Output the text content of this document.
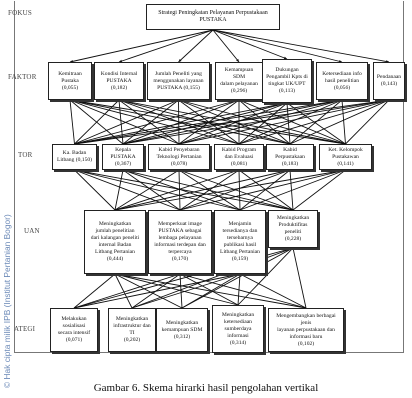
FOKUS
FAKTOR
TOR
UAN
ATEGI
Strategi Peningkatan Pelayanan Perpustakaan
PUSTAKA
Kemitraan
Pustaka
(0,055)
Kondisi Internal
PUSTAKA
(0,182)
Jumlah Peneliti yang
menggunakan layanan
PUSTAKA (0,155)
Kemampuan SDM
dalam pelayanan
(0,296)
Dukungan
Pengambil Kpts di
tingkat UK/UPT
(0,113)
Ketersediaan info
hasil penelitian
(0,056)
Pendanaan
(0,143)
Ka. Badan
Litbang (0,150)
Kepala
PUSTAKA
(0,367)
Kabid Penyebaran
Teknologi Pertanian
(0,078)
Kabid Program
dan Evaluasi
(0,081)
Kabid
Perpustakaan
(0,183)
Ket. Kelompok
Pustakawan
(0,141)
Meningkatkan
jumlah penelitian
dari kalangan peneliti
internal Badan
Litbang Pertanian
(0,444)
Memperkuat image
PUSTAKA sebagai
lembaga pelayanan
informasi terdepan dan
terpercaya
(0,170)
Menjamin
tersedianya dan
tersebarnya
publikasi hasil
Litbang Pertanian
(0,159)
Meningkatkan
Produktifitas
peneliti
(0,228)
Melakukan
sosialisasi
secara intensif
(0,071)
Meningkatkan
infrastruktur dan
TI
(0,202)
Meningkatkan
kemampuan SDM
(0,312)
Meningkatkan
ketersediaan
sumberdaya
informasi
(0,314)
Mengembangkan berbagai jenis
layanan perpustakaan dan
informasi baru
(0,102)
© Hak cipta milik IPB (Institut Pertanian Bogor)	Gambar 6. Skema hirarki hasil pengolahan vertikal
